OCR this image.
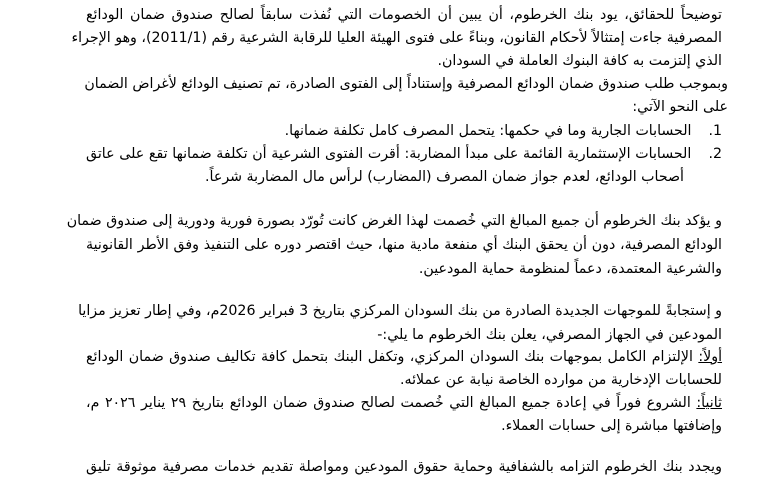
توضيحاً للحقائق، يود بنك الخرطوم، أن يبين أن الخصومات التي نُفذت سابقاً لصالح صندوق ضمان الودائع
المصرفية جاءت إمتثالاً لأحكام القانون، وبناءً على فتوى الهيئة العليا للرقابة الشرعية رقم (2011/1)، وهو الإجراء
الذي إلتزمت به كافة البنوك العاملة في السودان.
وبموجب طلب صندوق ضمان الودائع المصرفية وإستناداً إلى الفتوى الصادرة، تم تصنيف الودائع لأغراض الضمان
على النحو الآتي:
1. الحسابات الجارية وما في حكمها: يتحمل المصرف كامل تكلفة ضمانها.
2. الحسابات الإستثمارية القائمة على مبدأ المضاربة: أقرت الفتوى الشرعية أن تكلفة ضمانها تقع على عاتق
أصحاب الودائع، لعدم جواز ضمان المصرف (المضارب) لرأس مال المضاربة شرعاً.
و يؤكد بنك الخرطوم أن جميع المبالغ التي خُصمت لهذا الغرض كانت تُورّد بصورة فورية ودورية إلى صندوق ضمان
الودائع المصرفية، دون أن يحقق البنك أي منفعة مادية منها، حيث اقتصر دوره على التنفيذ وفق الأطر القانونية
والشرعية المعتمدة، دعماً لمنظومة حماية المودعين.
و إستجابةً للموجهات الجديدة الصادرة من بنك السودان المركزي بتاريخ 3 فبراير 2026م، وفي إطار تعزيز مزايا
المودعين في الجهاز المصرفي، يعلن بنك الخرطوم ما يلي:-
أولاً: الإلتزام الكامل بموجهات بنك السودان المركزي، وتكفل البنك بتحمل كافة تكاليف صندوق ضمان الودائع
للحسابات الإدخارية من موارده الخاصة نيابة عن عملائه.
ثانياً: الشروع فوراً في إعادة جميع المبالغ التي خُصمت لصالح صندوق ضمان الودائع بتاريخ ٢٩ يناير ٢٠٢٦ م،
وإضافتها مباشرة إلى حسابات العملاء.
ويجدد بنك الخرطوم التزامه بالشفافية وحماية حقوق المودعين ومواصلة تقديم خدمات مصرفية موثوقة تليق
